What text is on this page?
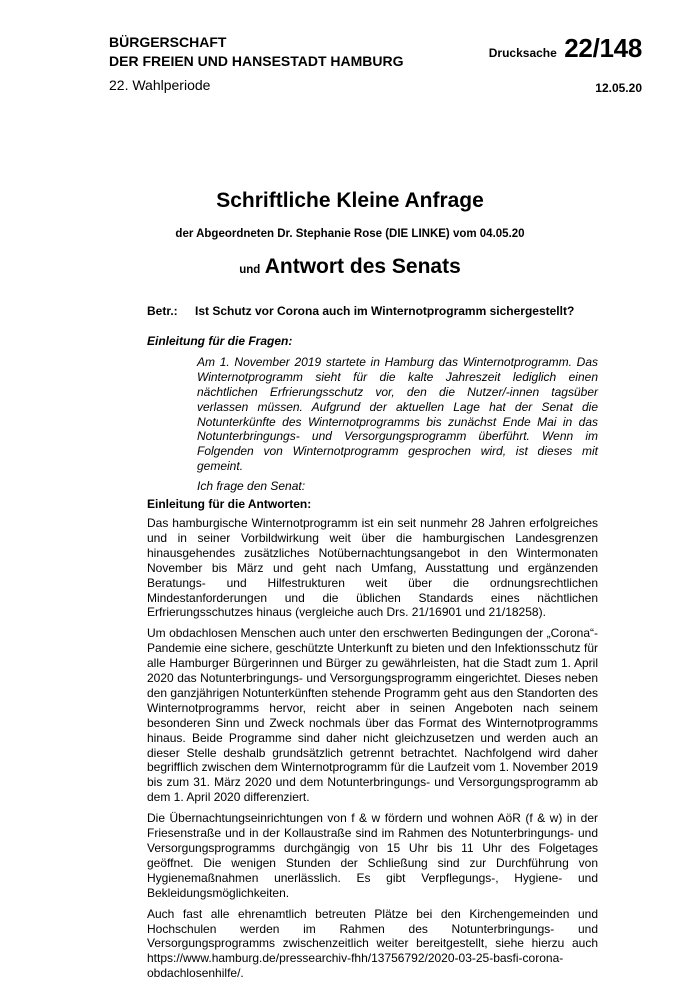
BÜRGERSCHAFT
DER FREIEN UND HANSESTADT HAMBURG
22. Wahlperiode
Drucksache 22/148
12.05.20
Schriftliche Kleine Anfrage
der Abgeordneten Dr. Stephanie Rose (DIE LINKE) vom 04.05.20
und Antwort des Senats
Betr.: Ist Schutz vor Corona auch im Winternotprogramm sichergestellt?
Einleitung für die Fragen:
Am 1. November 2019 startete in Hamburg das Winternotprogramm. Das Winternotprogramm sieht für die kalte Jahreszeit lediglich einen nächtlichen Erfrierungsschutz vor, den die Nutzer/-innen tagsüber verlassen müssen. Aufgrund der aktuellen Lage hat der Senat die Notunterkünfte des Winternotprogramms bis zunächst Ende Mai in das Notunterbringungs- und Versorgungsprogramm überführt. Wenn im Folgenden von Winternotprogramm gesprochen wird, ist dieses mit gemeint.
Ich frage den Senat:
Einleitung für die Antworten:
Das hamburgische Winternotprogramm ist ein seit nunmehr 28 Jahren erfolgreiches und in seiner Vorbildwirkung weit über die hamburgischen Landesgrenzen hinausgehendes zusätzliches Notübernachtungsangebot in den Wintermonaten November bis März und geht nach Umfang, Ausstattung und ergänzenden Beratungs- und Hilfestrukturen weit über die ordnungsrechtlichen Mindestanforderungen und die üblichen Standards eines nächtlichen Erfrierungsschutzes hinaus (vergleiche auch Drs. 21/16901 und 21/18258).
Um obdachlosen Menschen auch unter den erschwerten Bedingungen der „Corona“-Pandemie eine sichere, geschützte Unterkunft zu bieten und den Infektionsschutz für alle Hamburger Bürgerinnen und Bürger zu gewährleisten, hat die Stadt zum 1. April 2020 das Notunterbringungs- und Versorgungsprogramm eingerichtet. Dieses neben den ganzjährigen Notunterkünften stehende Programm geht aus den Standorten des Winternotprogramms hervor, reicht aber in seinen Angeboten nach seinem besonderen Sinn und Zweck nochmals über das Format des Winternotprogramms hinaus. Beide Programme sind daher nicht gleichzusetzen und werden auch an dieser Stelle deshalb grundsätzlich getrennt betrachtet. Nachfolgend wird daher begrifflich zwischen dem Winternotprogramm für die Laufzeit vom 1. November 2019 bis zum 31. März 2020 und dem Notunterbringungs- und Versorgungsprogramm ab dem 1. April 2020 differenziert.
Die Übernachtungseinrichtungen von f & w fördern und wohnen AöR (f & w) in der Friesenstraße und in der Kollaustraße sind im Rahmen des Notunterbringungs- und Versorgungsprogramms durchgängig von 15 Uhr bis 11 Uhr des Folgetages geöffnet. Die wenigen Stunden der Schließung sind zur Durchführung von Hygienemaßnahmen unerlässlich. Es gibt Verpflegungs-, Hygiene- und Bekleidungsmöglichkeiten.
Auch fast alle ehrenamtlich betreuten Plätze bei den Kirchengemeinden und Hochschulen werden im Rahmen des Notunterbringungs- und Versorgungsprogramms zwischenzeitlich weiter bereitgestellt, siehe hierzu auch https://www.hamburg.de/pressearchiv-fhh/13756792/2020-03-25-basfi-corona-obdachlosenhilfe/.
